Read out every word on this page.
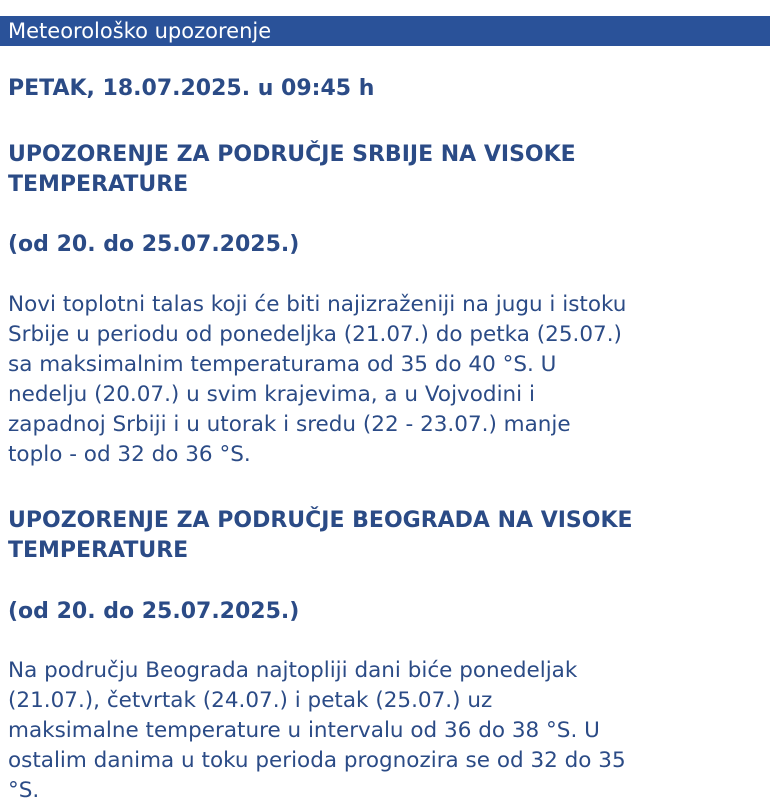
Meteorološko upozorenje
PETAK, 18.07.2025. u 09:45 h
UPOZORENJE ZA PODRUČJE SRBIJE NA VISOKE
TEMPERATURE
(od 20. do 25.07.2025.)
Novi toplotni talas koji će biti najizraženiji na jugu i istoku
Srbije u periodu od ponedeljka (21.07.) do petka (25.07.)
sa maksimalnim temperaturama od 35 do 40 °S. U
nedelju (20.07.) u svim krajevima, a u Vojvodini i
zapadnoj Srbiji i u utorak i sredu (22 - 23.07.) manje
toplo - od 32 do 36 °S.
UPOZORENJE ZA PODRUČJE BEOGRADA NA VISOKE
TEMPERATURE
(od 20. do 25.07.2025.)
Na području Beograda najtopliji dani biće ponedeljak
(21.07.), četvrtak (24.07.) i petak (25.07.) uz
maksimalne temperature u intervalu od 36 do 38 °S. U
ostalim danima u toku perioda prognozira se od 32 do 35
°S.
